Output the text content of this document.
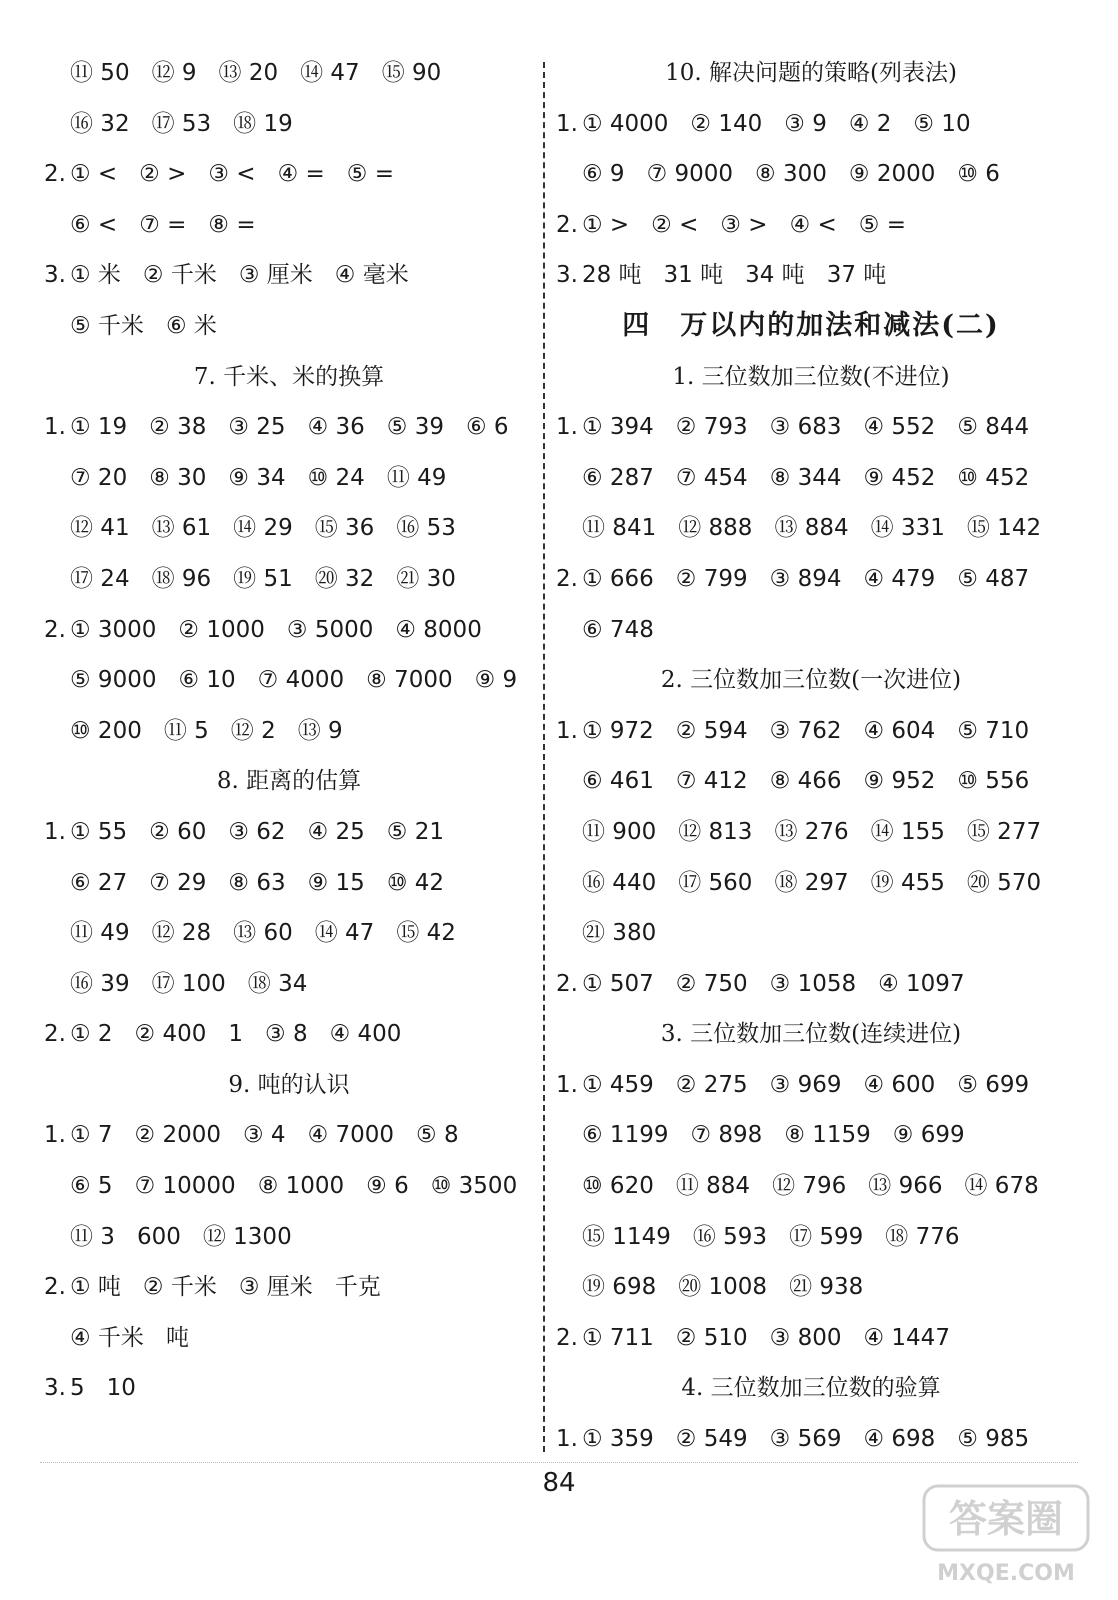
⑪ 50 ⑫ 9 ⑬ 20 ⑭ 47 ⑮ 90
⑯ 32 ⑰ 53 ⑱ 19
2. ① < ② > ③ < ④ = ⑤ =
⑥ < ⑦ = ⑧ =
3. ① 米 ② 千米 ③ 厘米 ④ 毫米
⑤ 千米 ⑥ 米
7. 千米、米的换算
1. ① 19 ② 38 ③ 25 ④ 36 ⑤ 39 ⑥ 6
⑦ 20 ⑧ 30 ⑨ 34 ⑩ 24 ⑪ 49
⑫ 41 ⑬ 61 ⑭ 29 ⑮ 36 ⑯ 53
⑰ 24 ⑱ 96 ⑲ 51 ⑳ 32 ㉑ 30
2. ① 3000 ② 1000 ③ 5000 ④ 8000
⑤ 9000 ⑥ 10 ⑦ 4000 ⑧ 7000 ⑨ 9
⑩ 200 ⑪ 5 ⑫ 2 ⑬ 9
8. 距离的估算
1. ① 55 ② 60 ③ 62 ④ 25 ⑤ 21
⑥ 27 ⑦ 29 ⑧ 63 ⑨ 15 ⑩ 42
⑪ 49 ⑫ 28 ⑬ 60 ⑭ 47 ⑮ 42
⑯ 39 ⑰ 100 ⑱ 34
2. ① 2 ② 400 1 ③ 8 ④ 400
9. 吨的认识
1. ① 7 ② 2000 ③ 4 ④ 7000 ⑤ 8
⑥ 5 ⑦ 10000 ⑧ 1000 ⑨ 6 ⑩ 3500
⑪ 3 600 ⑫ 1300
2. ① 吨 ② 千米 ③ 厘米 千克
④ 千米 吨
3. 5 10
10. 解决问题的策略(列表法)
1. ① 4000 ② 140 ③ 9 ④ 2 ⑤ 10
⑥ 9 ⑦ 9000 ⑧ 300 ⑨ 2000 ⑩ 6
2. ① > ② < ③ > ④ < ⑤ =
3. 28 吨 31 吨 34 吨 37 吨
四　万以内的加法和减法(二)
1. 三位数加三位数(不进位)
1. ① 394 ② 793 ③ 683 ④ 552 ⑤ 844
⑥ 287 ⑦ 454 ⑧ 344 ⑨ 452 ⑩ 452
⑪ 841 ⑫ 888 ⑬ 884 ⑭ 331 ⑮ 142
2. ① 666 ② 799 ③ 894 ④ 479 ⑤ 487
⑥ 748
2. 三位数加三位数(一次进位)
1. ① 972 ② 594 ③ 762 ④ 604 ⑤ 710
⑥ 461 ⑦ 412 ⑧ 466 ⑨ 952 ⑩ 556
⑪ 900 ⑫ 813 ⑬ 276 ⑭ 155 ⑮ 277
⑯ 440 ⑰ 560 ⑱ 297 ⑲ 455 ⑳ 570
㉑ 380
2. ① 507 ② 750 ③ 1058 ④ 1097
3. 三位数加三位数(连续进位)
1. ① 459 ② 275 ③ 969 ④ 600 ⑤ 699
⑥ 1199 ⑦ 898 ⑧ 1159 ⑨ 699
⑩ 620 ⑪ 884 ⑫ 796 ⑬ 966 ⑭ 678
⑮ 1149 ⑯ 593 ⑰ 599 ⑱ 776
⑲ 698 ⑳ 1008 ㉑ 938
2. ① 711 ② 510 ③ 800 ④ 1447
4. 三位数加三位数的验算
1. ① 359 ② 549 ③ 569 ④ 698 ⑤ 985
84
答案圈
MXQE.COM
